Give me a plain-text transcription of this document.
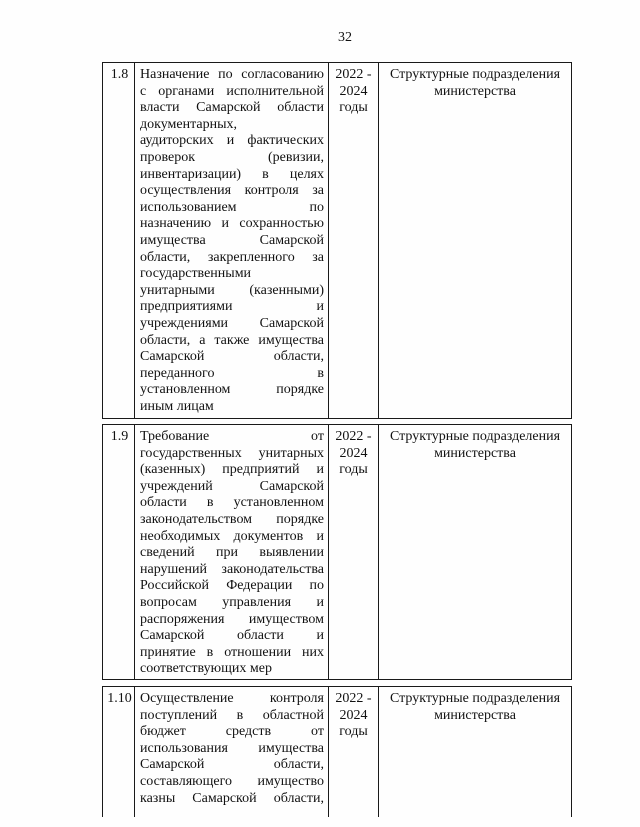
32
1.8 Назначение по согласованию
с органами исполнительной
власти Самарской области
документарных,
аудиторских и фактических
проверок (ревизии,
инвентаризации) в целях
осуществления контроля за
использованием по
назначению и сохранностью
имущества Самарской
области, закрепленного за
государственными
унитарными (казенными)
предприятиями и
учреждениями Самарской
области, а также имущества
Самарской области,
переданного в
установленном порядке
иным лицам
2022 -
2024
годы
Структурные подразделения
министерства
1.9 Требование от
государственных унитарных
(казенных) предприятий и
учреждений Самарской
области в установленном
законодательством порядке
необходимых документов и
сведений при выявлении
нарушений законодательства
Российской Федерации по
вопросам управления и
распоряжения имуществом
Самарской области и
принятие в отношении них
соответствующих мер
2022 -
2024
годы
Структурные подразделения
министерства
1.10 Осуществление контроля
поступлений в областной
бюджет средств от
использования имущества
Самарской области,
составляющего имущество
казны Самарской области,
2022 -
2024
годы
Структурные подразделения
министерства
